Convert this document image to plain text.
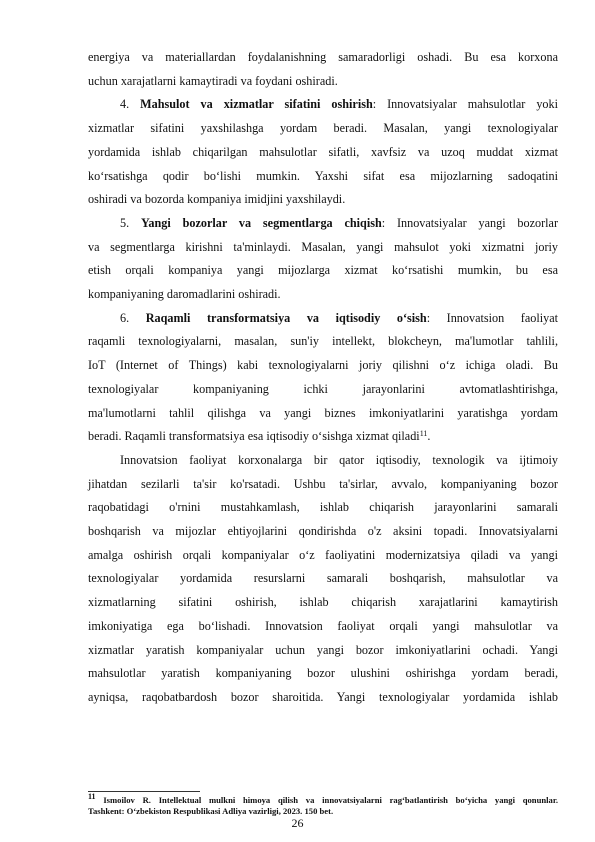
energiya va materiallardan foydalanishning samaradorligi oshadi. Bu esa korxona
uchun xarajatlarni kamaytiradi va foydani oshiradi.
4. Mahsulot va xizmatlar sifatini oshirish: Innovatsiyalar mahsulotlar yoki
xizmatlar sifatini yaxshilashga yordam beradi. Masalan, yangi texnologiyalar
yordamida ishlab chiqarilgan mahsulotlar sifatli, xavfsiz va uzoq muddat xizmat
ko‘rsatishga qodir bo‘lishi mumkin. Yaxshi sifat esa mijozlarning sadoqatini
oshiradi va bozorda kompaniya imidjini yaxshilaydi.
5. Yangi bozorlar va segmentlarga chiqish: Innovatsiyalar yangi bozorlar
va segmentlarga kirishni ta'minlaydi. Masalan, yangi mahsulot yoki xizmatni joriy
etish orqali kompaniya yangi mijozlarga xizmat ko‘rsatishi mumkin, bu esa
kompaniyaning daromadlarini oshiradi.
6. Raqamli transformatsiya va iqtisodiy o‘sish: Innovatsion faoliyat
raqamli texnologiyalarni, masalan, sun'iy intellekt, blokcheyn, ma'lumotlar tahlili,
IoT (Internet of Things) kabi texnologiyalarni joriy qilishni o‘z ichiga oladi. Bu
texnologiyalar kompaniyaning ichki jarayonlarini avtomatlashtirishga,
ma'lumotlarni tahlil qilishga va yangi biznes imkoniyatlarini yaratishga yordam
beradi. Raqamli transformatsiya esa iqtisodiy o‘sishga xizmat qiladi$^{11}$.
Innovatsion faoliyat korxonalarga bir qator iqtisodiy, texnologik va ijtimoiy
jihatdan sezilarli ta'sir ko'rsatadi. Ushbu ta'sirlar, avvalo, kompaniyaning bozor
raqobatidagi o'rnini mustahkamlash, ishlab chiqarish jarayonlarini samarali
boshqarish va mijozlar ehtiyojlarini qondirishda o'z aksini topadi. Innovatsiyalarni
amalga oshirish orqali kompaniyalar o‘z faoliyatini modernizatsiya qiladi va yangi
texnologiyalar yordamida resurslarni samarali boshqarish, mahsulotlar va
xizmatlarning sifatini oshirish, ishlab chiqarish xarajatlarini kamaytirish
imkoniyatiga ega bo‘lishadi. Innovatsion faoliyat orqali yangi mahsulotlar va
xizmatlar yaratish kompaniyalar uchun yangi bozor imkoniyatlarini ochadi. Yangi
mahsulotlar yaratish kompaniyaning bozor ulushini oshirishga yordam beradi,
ayniqsa, raqobatbardosh bozor sharoitida. Yangi texnologiyalar yordamida ishlab
$^{11}$ Ismoilov R. Intellektual mulkni himoya qilish va innovatsiyalarni rag‘batlantirish bo‘yicha yangi qonunlar.
Tashkent: O‘zbekiston Respublikasi Adliya vazirligi, 2023. 150 bet.
26
